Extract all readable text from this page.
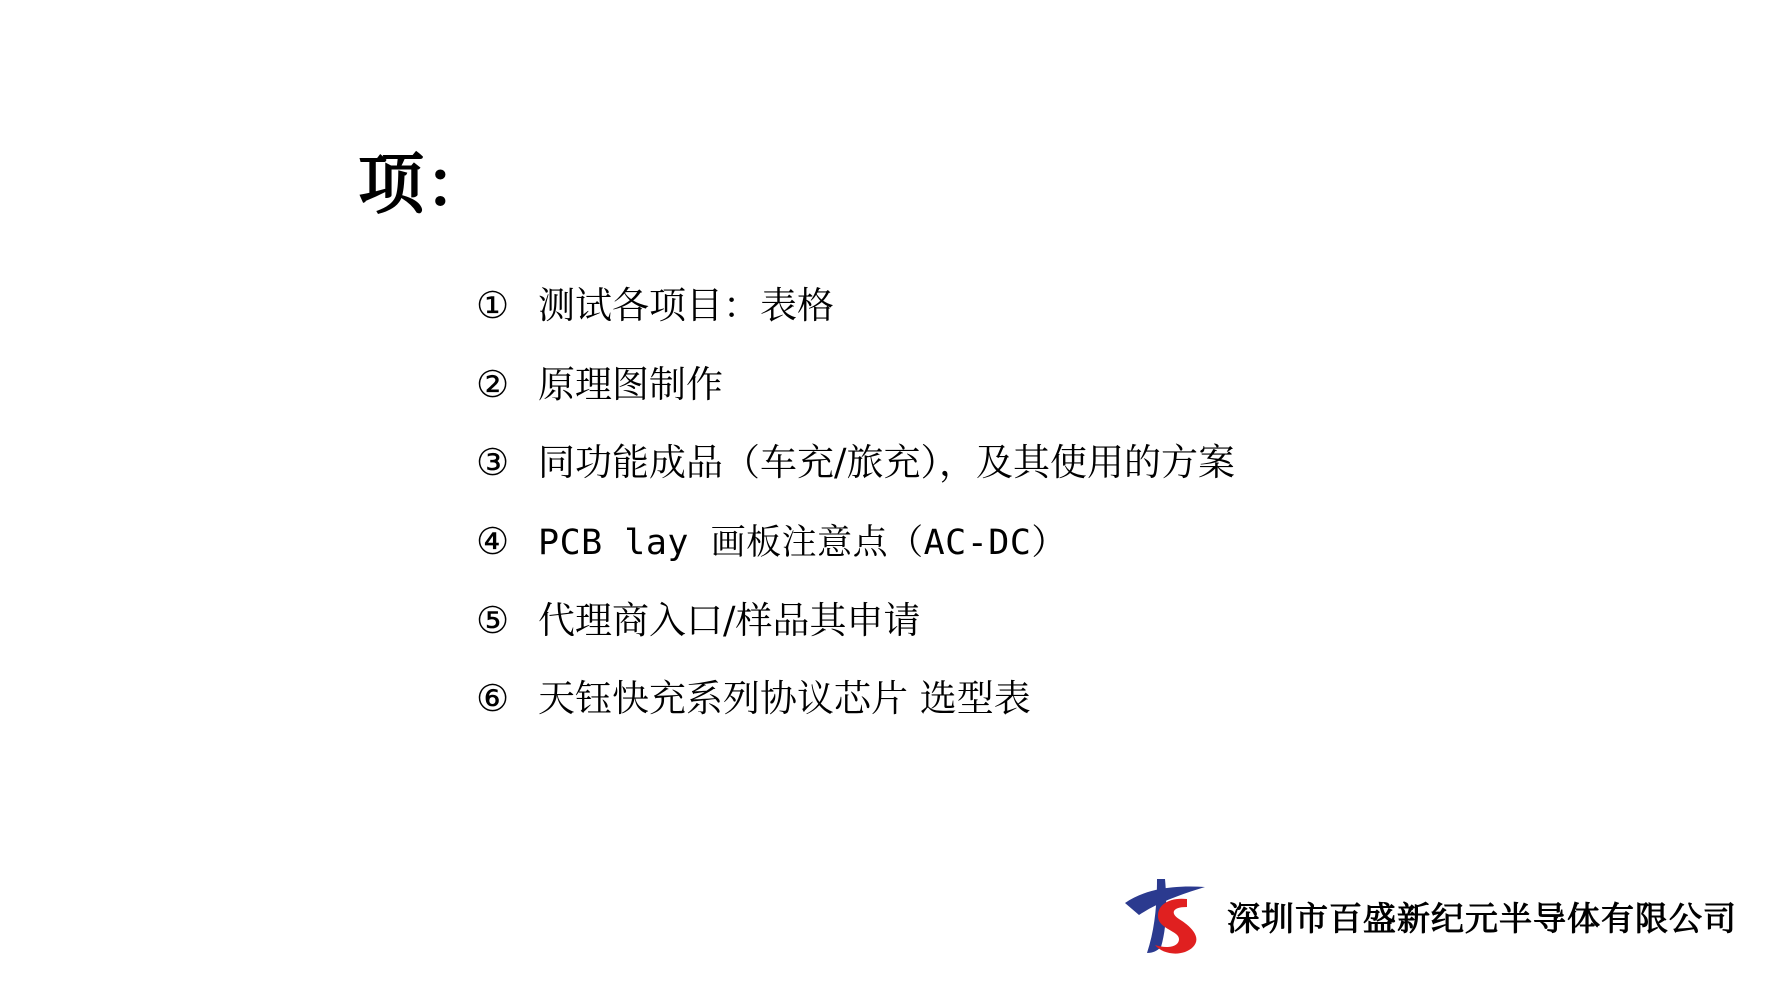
项：
① 测试各项目：表格
② 原理图制作
③ 同功能成品（车充/旅充），及其使用的方案
④ PCB lay 画板注意点（AC-DC）
⑤ 代理商入口/样品其申请
⑥ 天钰快充系列协议芯片 选型表
深圳市百盛新纪元半导体有限公司
